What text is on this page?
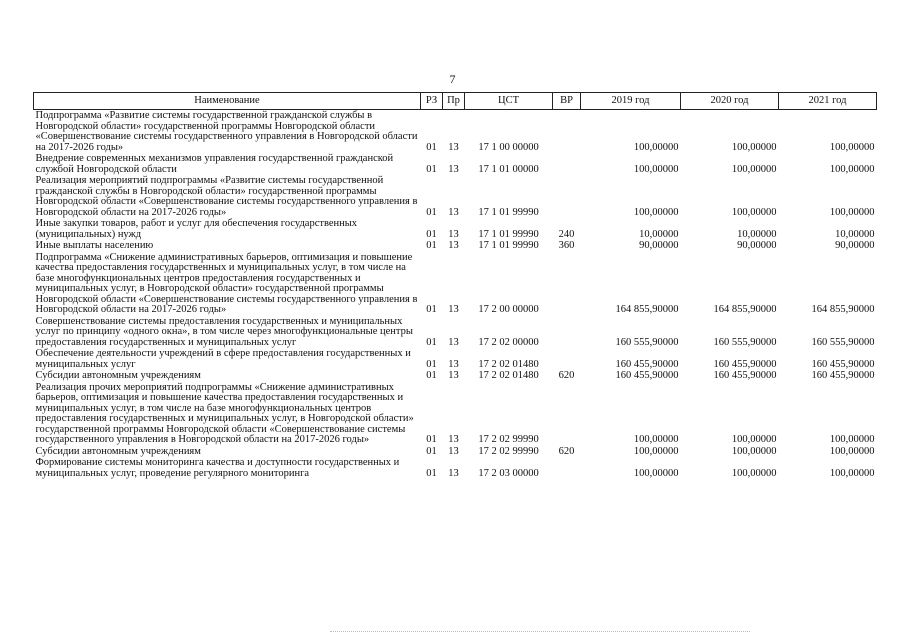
7
Наименование	РЗ	Пр	ЦСТ	ВР	2019 год	2020 год	2021 год
Подпрограмма «Развитие системы государственной гражданской службы в Новгородской области» государственной программы Новгородской области «Совершенствование системы государственного управления в Новгородской области на 2017-2026 годы»	01	13	17 1 00 00000		100,00000	100,00000	100,00000
Внедрение современных механизмов управления государственной гражданской службой Новгородской области	01	13	17 1 01 00000		100,00000	100,00000	100,00000
Реализация мероприятий подпрограммы «Развитие системы государственной гражданской службы в Новгородской области» государственной программы Новгородской области «Совершенствование системы государственного управления в Новгородской области на 2017-2026 годы»	01	13	17 1 01 99990		100,00000	100,00000	100,00000
Иные закупки товаров, работ и услуг для обеспечения государственных (муниципальных) нужд	01	13	17 1 01 99990	240	10,00000	10,00000	10,00000
Иные выплаты населению	01	13	17 1 01 99990	360	90,00000	90,00000	90,00000
Подпрограмма «Снижение административных барьеров, оптимизация и повышение качества предоставления государственных и муниципальных услуг, в том числе на базе многофункциональных центров предоставления государственных и муниципальных услуг, в Новгородской области» государственной программы Новгородской области «Совершенствование системы государственного управления в Новгородской области на 2017-2026 годы»	01	13	17 2 00 00000		164 855,90000	164 855,90000	164 855,90000
Совершенствование системы предоставления государственных и муниципальных услуг по принципу «одного окна», в том числе через многофункциональные центры предоставления государственных и муниципальных услуг	01	13	17 2 02 00000		160 555,90000	160 555,90000	160 555,90000
Обеспечение деятельности учреждений в сфере предоставления государственных и муниципальных услуг	01	13	17 2 02 01480		160 455,90000	160 455,90000	160 455,90000
Субсидии автономным учреждениям	01	13	17 2 02 01480	620	160 455,90000	160 455,90000	160 455,90000
Реализация прочих мероприятий подпрограммы «Снижение административных барьеров, оптимизация и повышение качества предоставления государственных и муниципальных услуг, в том числе на базе многофункциональных центров предоставления государственных и муниципальных услуг, в Новгородской области» государственной программы Новгородской области «Совершенствование системы государственного управления в Новгородской области на 2017-2026 годы»	01	13	17 2 02 99990		100,00000	100,00000	100,00000
Субсидии автономным учреждениям	01	13	17 2 02 99990	620	100,00000	100,00000	100,00000
Формирование системы мониторинга качества и доступности государственных и муниципальных услуг, проведение регулярного мониторинга	01	13	17 2 03 00000		100,00000	100,00000	100,00000
